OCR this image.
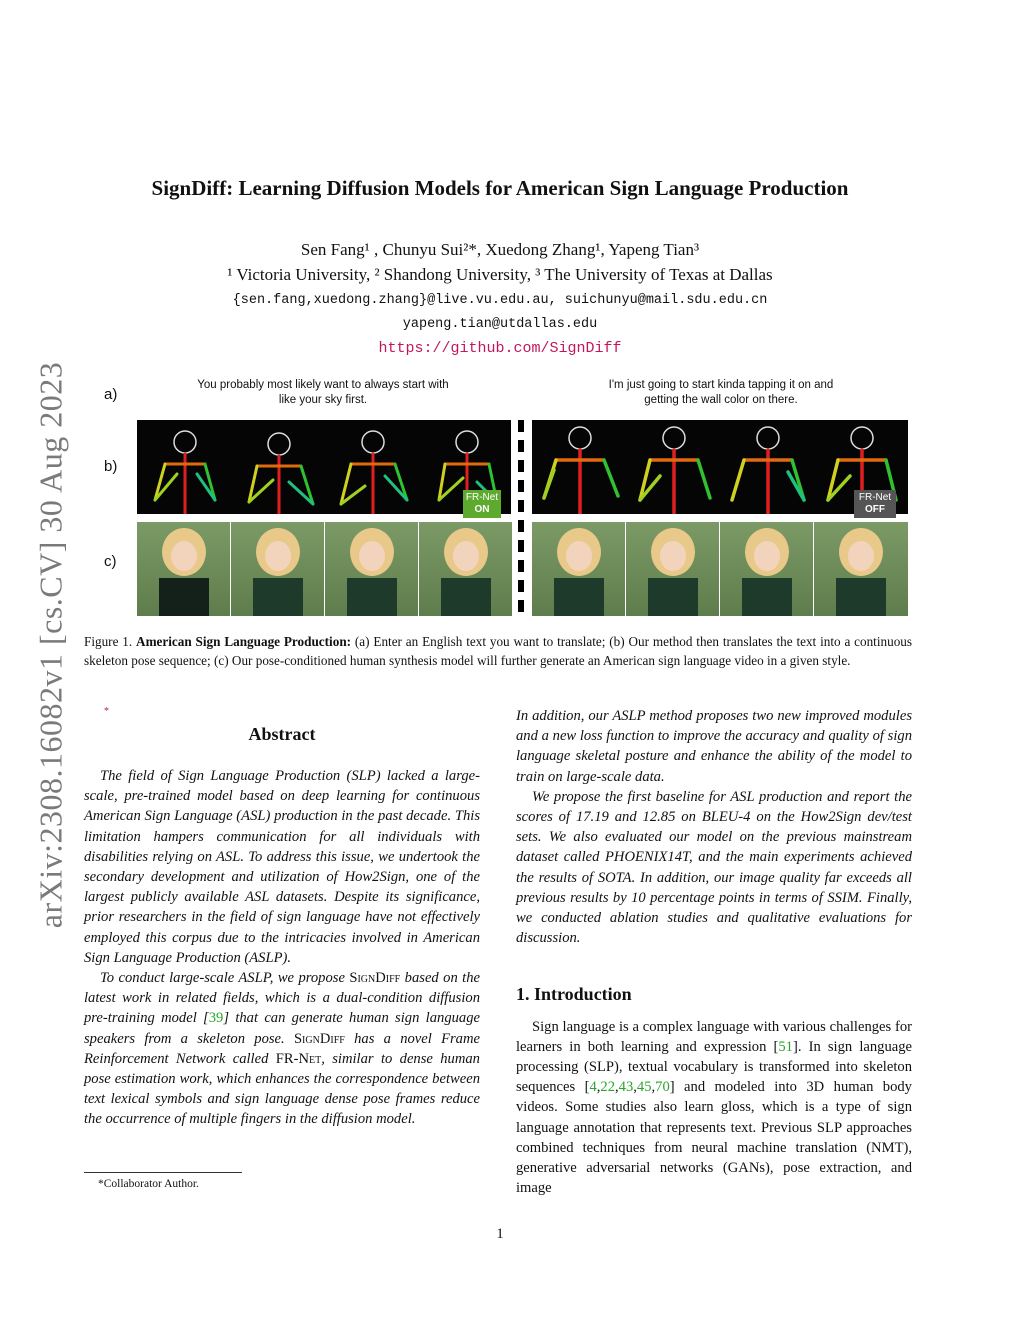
arXiv:2308.16082v1 [cs.CV] 30 Aug 2023
SignDiff: Learning Diffusion Models for American Sign Language Production
Sen Fang¹ , Chunyu Sui²*, Xuedong Zhang¹, Yapeng Tian³
¹ Victoria University, ² Shandong University, ³ The University of Texas at Dallas
{sen.fang,xuedong.zhang}@live.vu.edu.au, suichunyu@mail.sdu.edu.cn
yapeng.tian@utdallas.edu
https://github.com/SignDiff
a)
b)
c)
You probably most likely want to always start with like your sky first.
I'm just going to start kinda tapping it on and getting the wall color on there.
FR-Net
ON
FR-Net
OFF
Figure 1. American Sign Language Production: (a) Enter an English text you want to translate; (b) Our method then translates the text into a continuous skeleton pose sequence; (c) Our pose-conditioned human synthesis model will further generate an American sign language video in a given style.
*
Abstract

The field of Sign Language Production (SLP) lacked a large-scale, pre-trained model based on deep learning for continuous American Sign Language (ASL) production in the past decade. This limitation hampers communication for all individuals with disabilities relying on ASL. To address this issue, we undertook the secondary development and utilization of How2Sign, one of the largest publicly available ASL datasets. Despite its significance, prior researchers in the field of sign language have not effectively employed this corpus due to the intricacies involved in American Sign Language Production (ASLP).

To conduct large-scale ASLP, we propose SignDiff based on the latest work in related fields, which is a dual-condition diffusion pre-training model [39] that can generate human sign language speakers from a skeleton pose. SignDiff has a novel Frame Reinforcement Network called FR-Net, similar to dense human pose estimation work, which enhances the correspondence between text lexical symbols and sign language dense pose frames reduce the occurrence of multiple fingers in the diffusion model.

*Collaborator Author.

In addition, our ASLP method proposes two new improved modules and a new loss function to improve the accuracy and quality of sign language skeletal posture and enhance the ability of the model to train on large-scale data.

We propose the first baseline for ASL production and report the scores of 17.19 and 12.85 on BLEU-4 on the How2Sign dev/test sets. We also evaluated our model on the previous mainstream dataset called PHOENIX14T, and the main experiments achieved the results of SOTA. In addition, our image quality far exceeds all previous results by 10 percentage points in terms of SSIM. Finally, we conducted ablation studies and qualitative evaluations for discussion.

1. Introduction

Sign language is a complex language with various challenges for learners in both learning and expression [51]. In sign language processing (SLP), textual vocabulary is transformed into skeleton sequences [4,22,43,45,70] and modeled into 3D human body videos. Some studies also learn gloss, which is a type of sign language annotation that represents text. Previous SLP approaches combined techniques from neural machine translation (NMT), generative adversarial networks (GANs), pose extraction, and image

1
